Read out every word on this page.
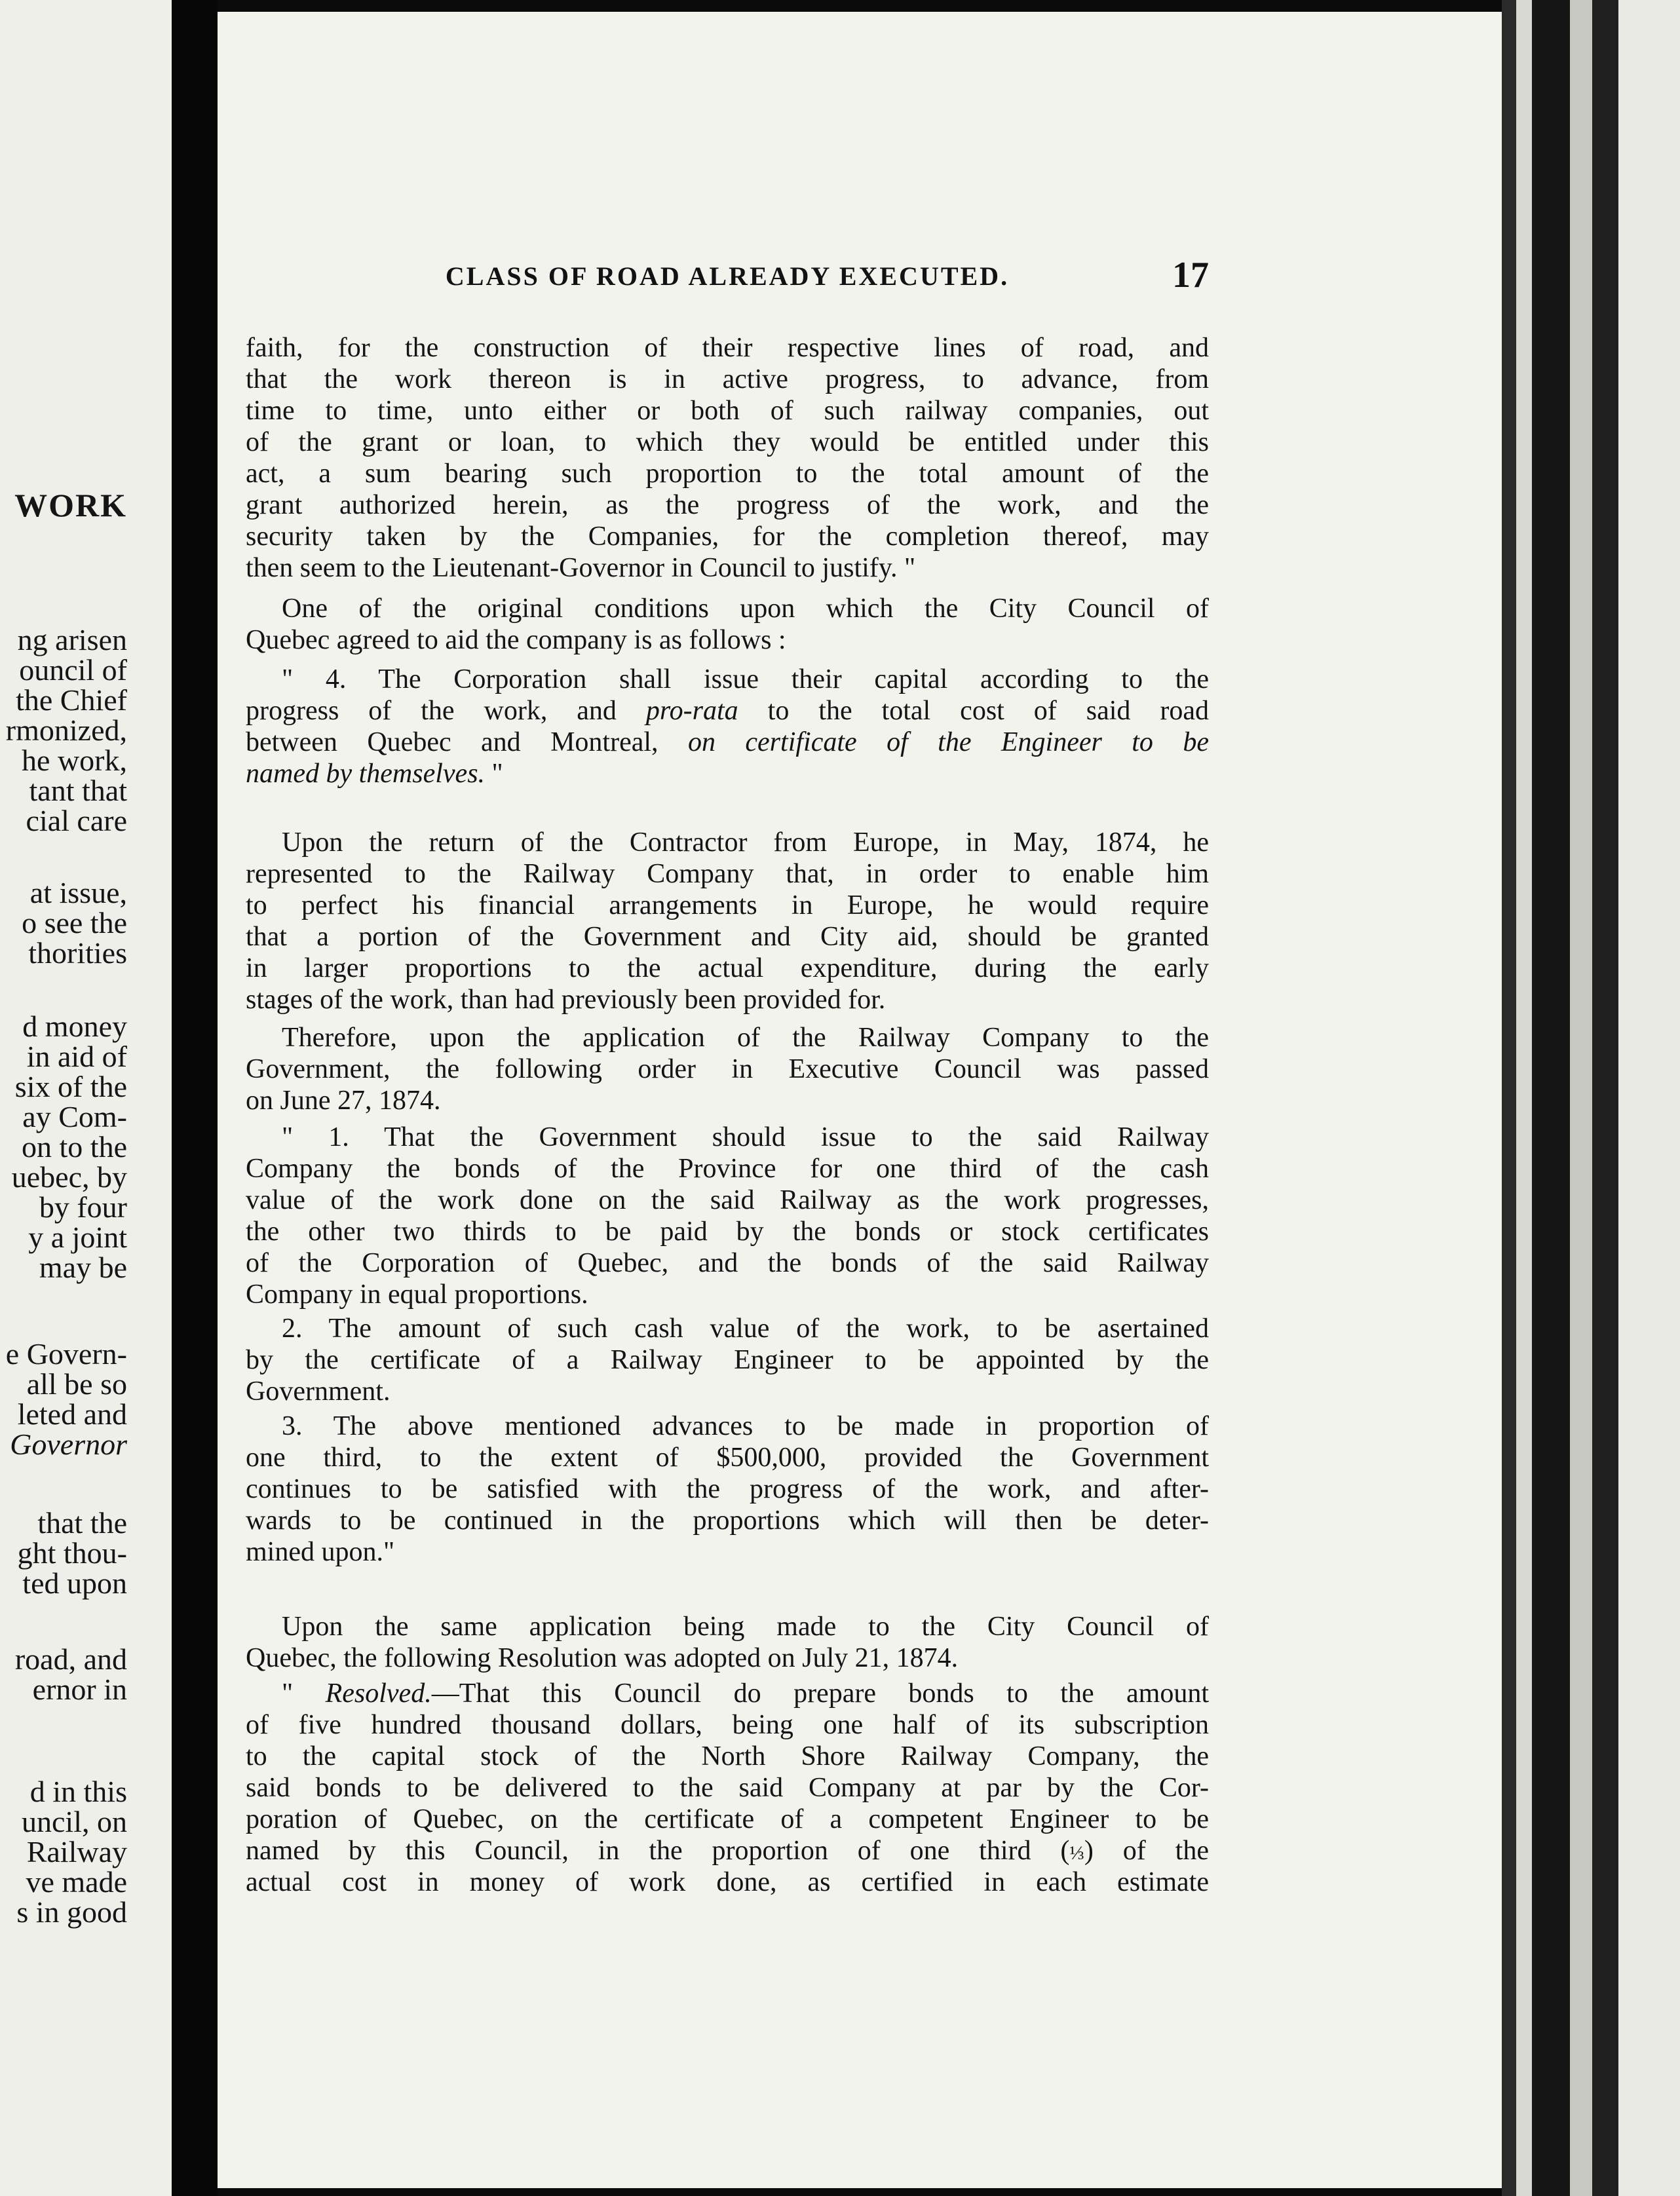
WORK
ng arisen
ouncil of
the Chief
rmonized,
he work,
tant that
cial care
at issue,
o see the
thorities
d money
in aid of
six of the
ay Com-
on to the
uebec, by
by four
y a joint
may be
e Govern-
all be so
leted and
Governor
that the
ght thou-
ted upon
road, and
ernor in
d in this
uncil, on
Railway
ve made
s in good
CLASS OF ROAD ALREADY EXECUTED.	17
faith, for the construction of their respective lines of road, and
that the work thereon is in active progress, to advance, from
time to time, unto either or both of such railway companies, out
of the grant or loan, to which they would be entitled under this
act, a sum bearing such proportion to the total amount of the
grant authorized herein, as the progress of the work, and the
security taken by the Companies, for the completion thereof, may
then seem to the Lieutenant-Governor in Council to justify. "
One of the original conditions upon which the City Council of
Quebec agreed to aid the company is as follows :
" 4. The Corporation shall issue their capital according to the
progress of the work, and pro-rata to the total cost of said road
between Quebec and Montreal, on certificate of the Engineer to be
named by themselves. "
Upon the return of the Contractor from Europe, in May, 1874, he
represented to the Railway Company that, in order to enable him
to perfect his financial arrangements in Europe, he would require
that a portion of the Government and City aid, should be granted
in larger proportions to the actual expenditure, during the early
stages of the work, than had previously been provided for.
Therefore, upon the application of the Railway Company to the
Government, the following order in Executive Council was passed
on June 27, 1874.
" 1. That the Government should issue to the said Railway
Company the bonds of the Province for one third of the cash
value of the work done on the said Railway as the work progresses,
the other two thirds to be paid by the bonds or stock certificates
of the Corporation of Quebec, and the bonds of the said Railway
Company in equal proportions.
2. The amount of such cash value of the work, to be asertained
by the certificate of a Railway Engineer to be appointed by the
Government.
3. The above mentioned advances to be made in proportion of
one third, to the extent of $500,000, provided the Government
continues to be satisfied with the progress of the work, and after-
wards to be continued in the proportions which will then be deter-
mined upon."
Upon the same application being made to the City Council of
Quebec, the following Resolution was adopted on July 21, 1874.
" Resolved.—That this Council do prepare bonds to the amount
of five hundred thousand dollars, being one half of its subscription
to the capital stock of the North Shore Railway Company, the
said bonds to be delivered to the said Company at par by the Cor-
poration of Quebec, on the certificate of a competent Engineer to be
named by this Council, in the proportion of one third (⅓) of the
actual cost in money of work done, as certified in each estimate
